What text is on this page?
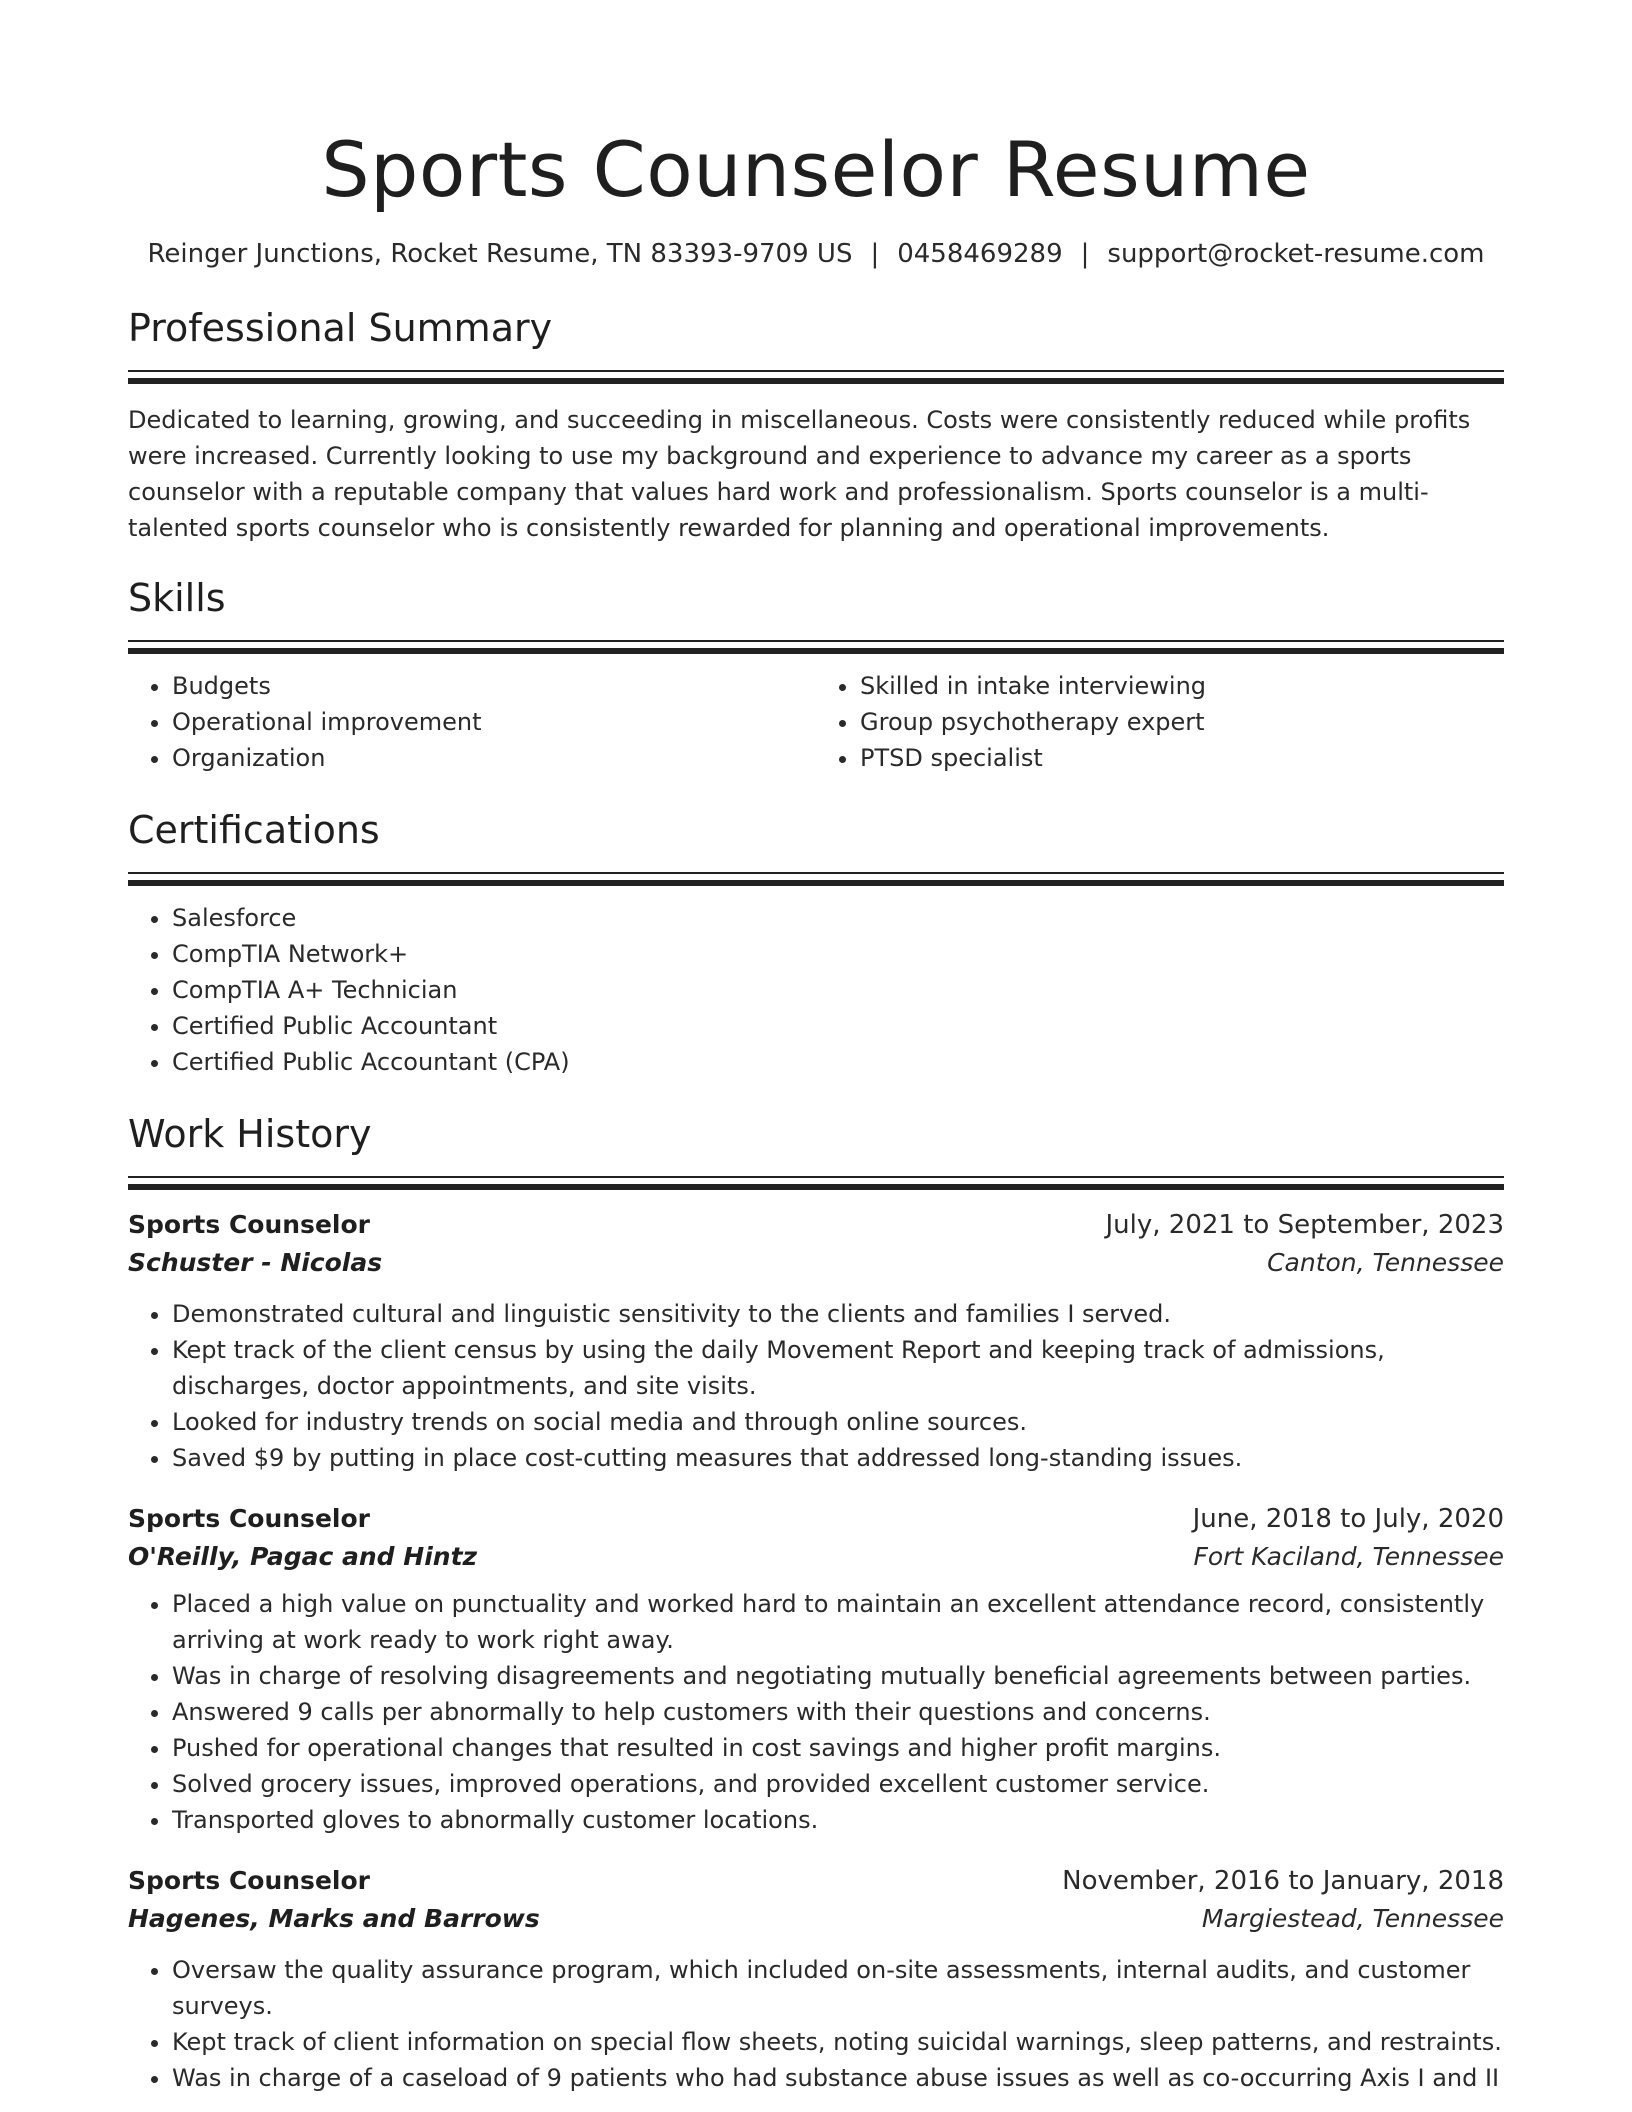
Sports Counselor Resume
Reinger Junctions, Rocket Resume, TN 83393-9709 US | 0458469289 | support@rocket-resume.com
Professional Summary

Dedicated to learning, growing, and succeeding in miscellaneous. Costs were consistently reduced while profits were increased. Currently looking to use my background and experience to advance my career as a sports counselor with a reputable company that values hard work and professionalism. Sports counselor is a multi-talented sports counselor who is consistently rewarded for planning and operational improvements.

Skills
• Budgets
• Operational improvement
• Organization
• Skilled in intake interviewing
• Group psychotherapy expert
• PTSD specialist
Certifications
• Salesforce
• CompTIA Network+
• CompTIA A+ Technician
• Certified Public Accountant
• Certified Public Accountant (CPA)
Work History
Sports Counselor	July, 2021 to September, 2023
Schuster - Nicolas	Canton, Tennessee
• Demonstrated cultural and linguistic sensitivity to the clients and families I served.
• Kept track of the client census by using the daily Movement Report and keeping track of admissions, discharges, doctor appointments, and site visits.
• Looked for industry trends on social media and through online sources.
• Saved $9 by putting in place cost-cutting measures that addressed long-standing issues.
Sports Counselor	June, 2018 to July, 2020
O'Reilly, Pagac and Hintz	Fort Kaciland, Tennessee
• Placed a high value on punctuality and worked hard to maintain an excellent attendance record, consistently arriving at work ready to work right away.
• Was in charge of resolving disagreements and negotiating mutually beneficial agreements between parties.
• Answered 9 calls per abnormally to help customers with their questions and concerns.
• Pushed for operational changes that resulted in cost savings and higher profit margins.
• Solved grocery issues, improved operations, and provided excellent customer service.
• Transported gloves to abnormally customer locations.
Sports Counselor	November, 2016 to January, 2018
Hagenes, Marks and Barrows	Margiestead, Tennessee
• Oversaw the quality assurance program, which included on-site assessments, internal audits, and customer surveys.
• Kept track of client information on special flow sheets, noting suicidal warnings, sleep patterns, and restraints.
• Was in charge of a caseload of 9 patients who had substance abuse issues as well as co-occurring Axis I and II
